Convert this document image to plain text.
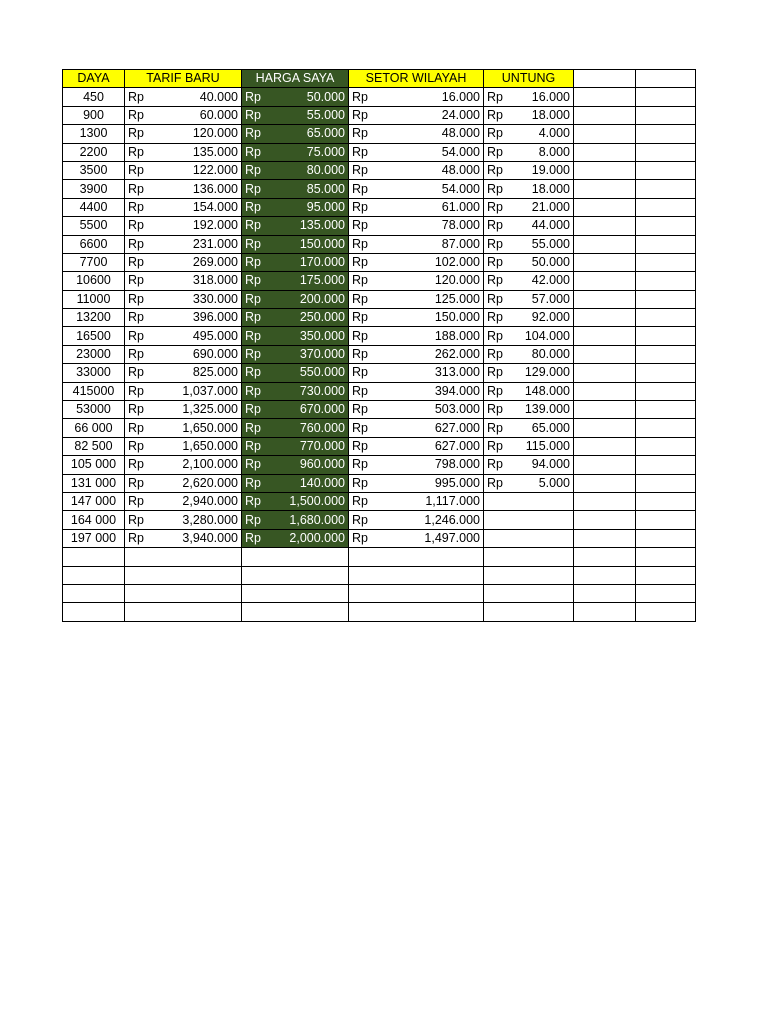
DAYA	TARIF BARU	HARGA SAYA	SETOR WILAYAH	UNTUNG		
450	Rp 40.000	Rp 50.000	Rp 16.000	Rp 16.000		

900	Rp 60.000	Rp 55.000	Rp 24.000	Rp 18.000		

1300	Rp 120.000	Rp 65.000	Rp 48.000	Rp 4.000		

2200	Rp 135.000	Rp 75.000	Rp 54.000	Rp 8.000		

3500	Rp 122.000	Rp 80.000	Rp 48.000	Rp 19.000		

3900	Rp 136.000	Rp 85.000	Rp 54.000	Rp 18.000		

4400	Rp 154.000	Rp 95.000	Rp 61.000	Rp 21.000		

5500	Rp 192.000	Rp 135.000	Rp 78.000	Rp 44.000		

6600	Rp 231.000	Rp 150.000	Rp 87.000	Rp 55.000		

7700	Rp 269.000	Rp 170.000	Rp 102.000	Rp 50.000		

10600	Rp 318.000	Rp 175.000	Rp 120.000	Rp 42.000		

11000	Rp 330.000	Rp 200.000	Rp 125.000	Rp 57.000		

13200	Rp 396.000	Rp 250.000	Rp 150.000	Rp 92.000		

16500	Rp 495.000	Rp 350.000	Rp 188.000	Rp 104.000		

23000	Rp 690.000	Rp 370.000	Rp 262.000	Rp 80.000		

33000	Rp 825.000	Rp 550.000	Rp 313.000	Rp 129.000		

415000	Rp 1,037.000	Rp 730.000	Rp 394.000	Rp 148.000		

53000	Rp 1,325.000	Rp 670.000	Rp 503.000	Rp 139.000		

66 000	Rp 1,650.000	Rp 760.000	Rp 627.000	Rp 65.000		

82 500	Rp 1,650.000	Rp 770.000	Rp 627.000	Rp 115.000		

105 000	Rp 2,100.000	Rp 960.000	Rp 798.000	Rp 94.000		

131 000	Rp 2,620.000	Rp 140.000	Rp 995.000	Rp 5.000		

147 000	Rp 2,940.000	Rp 1,500.000	Rp 1,117.000			

164 000	Rp 3,280.000	Rp 1,680.000	Rp 1,246.000			

197 000	Rp 3,940.000	Rp 2,000.000	Rp 1,497.000			
